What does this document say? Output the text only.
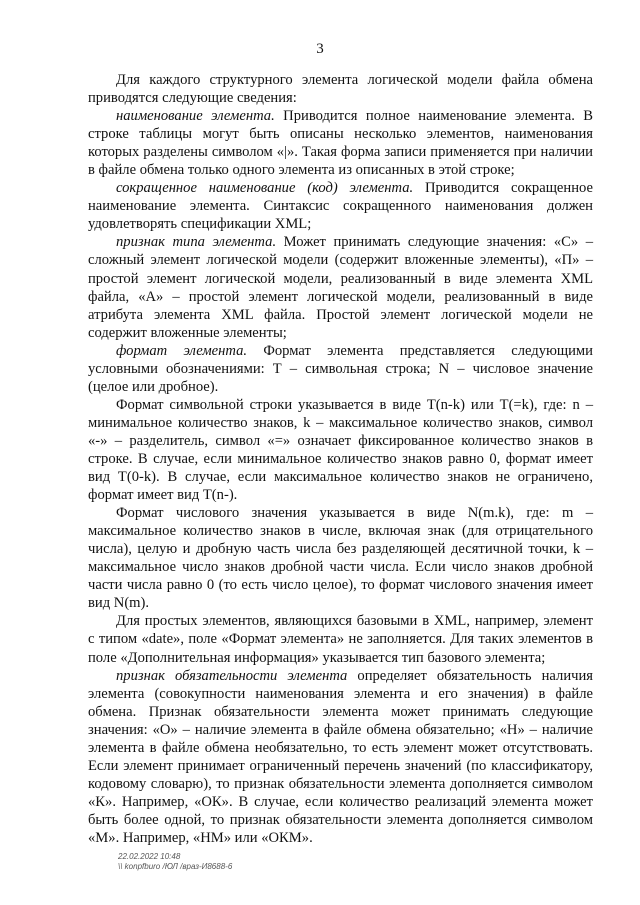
3

Для каждого структурного элемента логической модели файла обмена приводятся следующие сведения:

наименование элемента. Приводится полное наименование элемента. В строке таблицы могут быть описаны несколько элементов, наименования которых разделены символом «|». Такая форма записи применяется при наличии в файле обмена только одного элемента из описанных в этой строке;

сокращенное наименование (код) элемента. Приводится сокращенное наименование элемента. Синтаксис сокращенного наименования должен удовлетворять спецификации XML;

признак типа элемента. Может принимать следующие значения: «С» – сложный элемент логической модели (содержит вложенные элементы), «П» – простой элемент логической модели, реализованный в виде элемента XML файла, «А» – простой элемент логической модели, реализованный в виде атрибута элемента XML файла. Простой элемент логической модели не содержит вложенные элементы;

формат элемента. Формат элемента представляется следующими условными обозначениями: Т – символьная строка; N – числовое значение (целое или дробное).

Формат символьной строки указывается в виде Т(n-k) или Т(=k), где: n – минимальное количество знаков, k – максимальное количество знаков, символ «-» – разделитель, символ «=» означает фиксированное количество знаков в строке. В случае, если минимальное количество знаков равно 0, формат имеет вид Т(0-k). В случае, если максимальное количество знаков не ограничено, формат имеет вид Т(n-).

Формат числового значения указывается в виде N(m.k), где: m – максимальное количество знаков в числе, включая знак (для отрицательного числа), целую и дробную часть числа без разделяющей десятичной точки, k – максимальное число знаков дробной части числа. Если число знаков дробной части числа равно 0 (то есть число целое), то формат числового значения имеет вид N(m).

Для простых элементов, являющихся базовыми в XML, например, элемент с типом «date», поле «Формат элемента» не заполняется. Для таких элементов в поле «Дополнительная информация» указывается тип базового элемента;

признак обязательности элемента определяет обязательность наличия элемента (совокупности наименования элемента и его значения) в файле обмена. Признак обязательности элемента может принимать следующие значения: «О» – наличие элемента в файле обмена обязательно; «Н» – наличие элемента в файле обмена необязательно, то есть элемент может отсутствовать. Если элемент принимает ограниченный перечень значений (по классификатору, кодовому словарю), то признак обязательности элемента дополняется символом «К». Например, «ОК». В случае, если количество реализаций элемента может быть более одной, то признак обязательности элемента дополняется символом «М». Например, «НМ» или «ОКМ».

22.02.2022 10:48
\\ konpfburo /ЮЛ /враз-И8688-6
